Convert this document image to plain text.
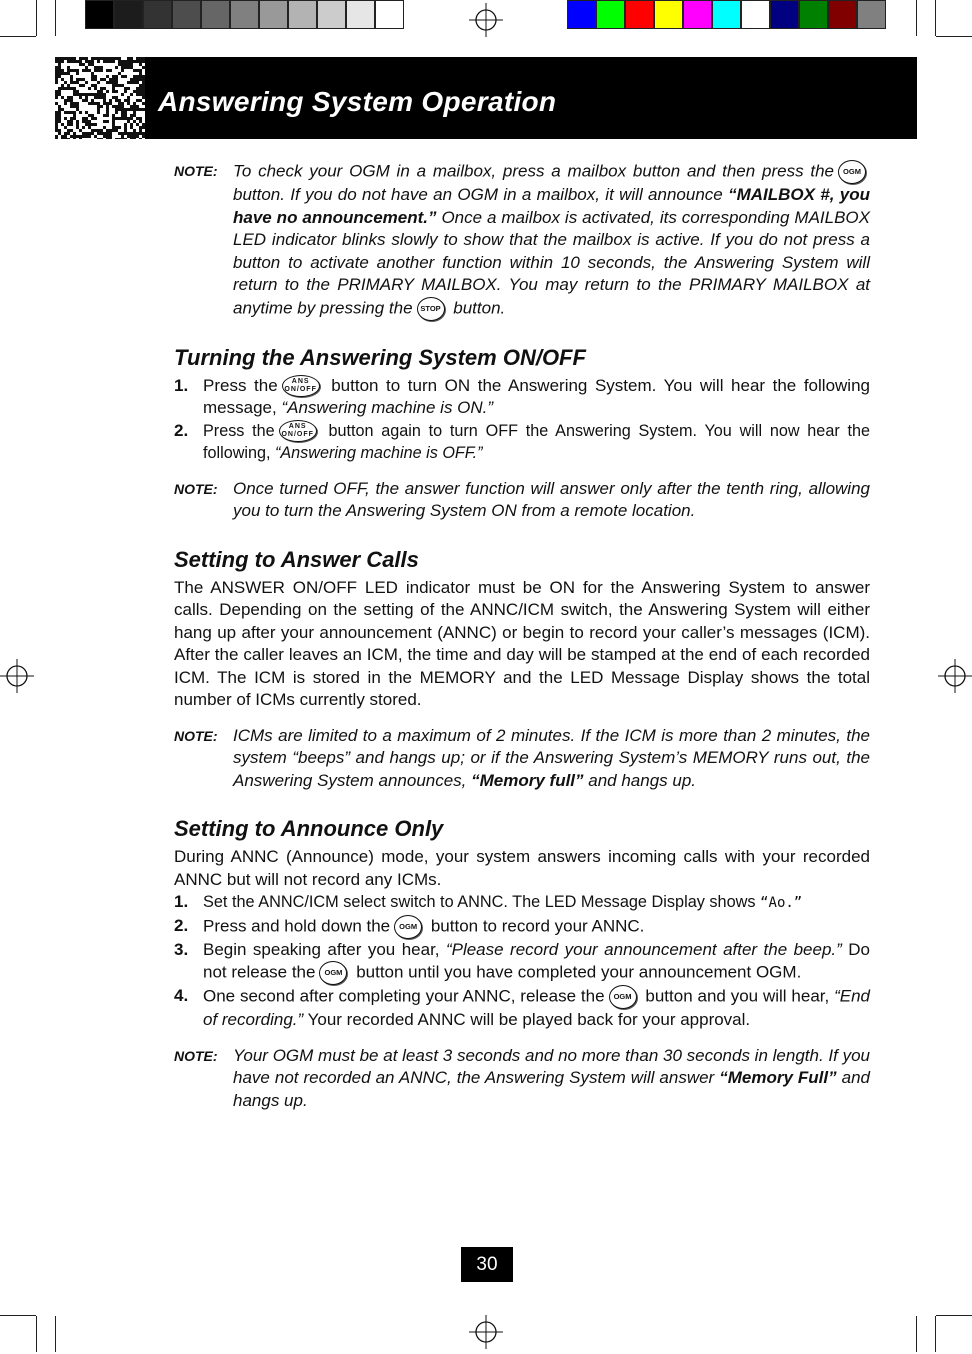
Answering System Operation
NOTE: To check your OGM in a mailbox, press a mailbox button and then press the OGM button. If you do not have an OGM in a mailbox, it will announce “MAILBOX #, you have no announcement.” Once a mailbox is activated, its corresponding MAILBOX LED indicator blinks slowly to show that the mailbox is active. If you do not press a button to activate another function within 10 seconds, the Answering System will return to the PRIMARY MAILBOX. You may return to the PRIMARY MAILBOX at anytime by pressing the STOP button.
Turning the Answering System ON/OFF
1. Press the	ANS
ON/OFF button to turn ON the Answering System. You will hear the following message, “Answering machine is ON.”
2. Press the	ANS
ON/OFF button again to turn OFF the Answering System. You will now hear the following, “Answering machine is OFF.”
NOTE: Once turned OFF, the answer function will answer only after the tenth ring, allowing you to turn the Answering System ON from a remote location.
Setting to Answer Calls

The ANSWER ON/OFF LED indicator must be ON for the Answering System to answer calls. Depending on the setting of the ANNC/ICM switch, the Answering System will either hang up after your announcement (ANNC) or begin to record your caller’s messages (ICM). After the caller leaves an ICM, the time and day will be stamped at the end of each recorded ICM. The ICM is stored in the MEMORY and the LED Message Display shows the total number of ICMs currently stored.

NOTE: ICMs are limited to a maximum of 2 minutes. If the ICM is more than 2 minutes, the system “beeps” and hangs up; or if the Answering System’s MEMORY runs out, the Answering System announces, “Memory full” and hangs up.
Setting to Announce Only

During ANNC (Announce) mode, your system answers incoming calls with your recorded ANNC but will not record any ICMs.

1. Set the ANNC/ICM select switch to ANNC. The LED Message Display shows “Ao.”
2. Press and hold down the OGM button to record your ANNC.
3. Begin speaking after you hear, “Please record your announcement after the beep.” Do not release the OGM button until you have completed your announcement OGM.
4. One second after completing your ANNC, release the OGM button and you will hear, “End of recording.” Your recorded ANNC will be played back for your approval.
NOTE: Your OGM must be at least 3 seconds and no more than 30 seconds in length. If you have not recorded an ANNC, the Answering System will answer “Memory Full” and hangs up.
30
